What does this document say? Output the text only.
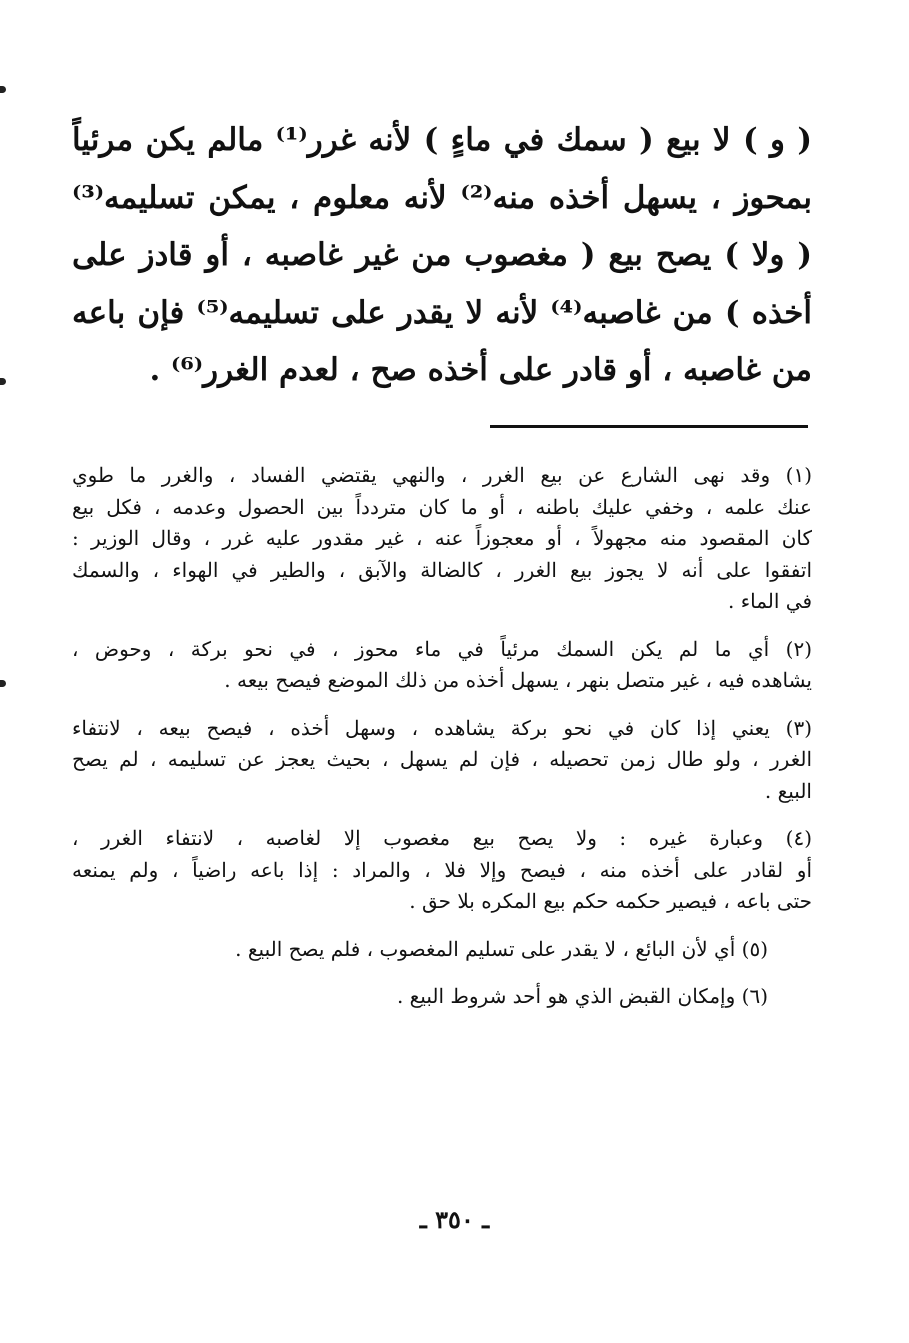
( و ) لا بيع ( سمك في ماءٍ ) لأنه غرر⁽¹⁾ مالم يكن مرئياً
بمحوز ، يسهل أخذه منه⁽²⁾ لأنه معلوم ، يمكن تسليمه⁽³⁾
( ولا ) يصح بيع ( مغصوب من غير غاصبه ، أو قادز على
أخذه ) من غاصبه⁽⁴⁾ لأنه لا يقدر على تسليمه⁽⁵⁾ فإن باعه
من غاصبه ، أو قادر على أخذه صح ، لعدم الغرر⁽⁶⁾ .

(١) وقد نهى الشارع عن بيع الغرر ، والنهي يقتضي الفساد ، والغرر ما طوي
عنك علمه ، وخفي عليك باطنه ، أو ما كان متردداً بين الحصول وعدمه ، فكل بيع
كان المقصود منه مجهولاً ، أو معجوزاً عنه ، غير مقدور عليه غرر ، وقال الوزير :
اتفقوا على أنه لا يجوز بيع الغرر ، كالضالة والآبق ، والطير في الهواء ، والسمك
في الماء .
(٢) أي ما لم يكن السمك مرئياً في ماء محوز ، في نحو بركة ، وحوض ،
يشاهده فيه ، غير متصل بنهر ، يسهل أخذه من ذلك الموضع فيصح بيعه .
(٣) يعني إذا كان في نحو بركة يشاهده ، وسهل أخذه ، فيصح بيعه ، لانتفاء
الغرر ، ولو طال زمن تحصيله ، فإن لم يسهل ، بحيث يعجز عن تسليمه ، لم يصح
البيع .
(٤) وعبارة غيره : ولا يصح بيع مغصوب إلا لغاصبه ، لانتفاء الغرر ،
أو لقادر على أخذه منه ، فيصح وإلا فلا ، والمراد : إذا باعه راضياً ، ولم يمنعه
حتى باعه ، فيصير حكمه حكم بيع المكره بلا حق .
(٥) أي لأن البائع ، لا يقدر على تسليم المغصوب ، فلم يصح البيع .
(٦) وإمكان القبض الذي هو أحد شروط البيع .
ـ ٣٥٠ ـ
